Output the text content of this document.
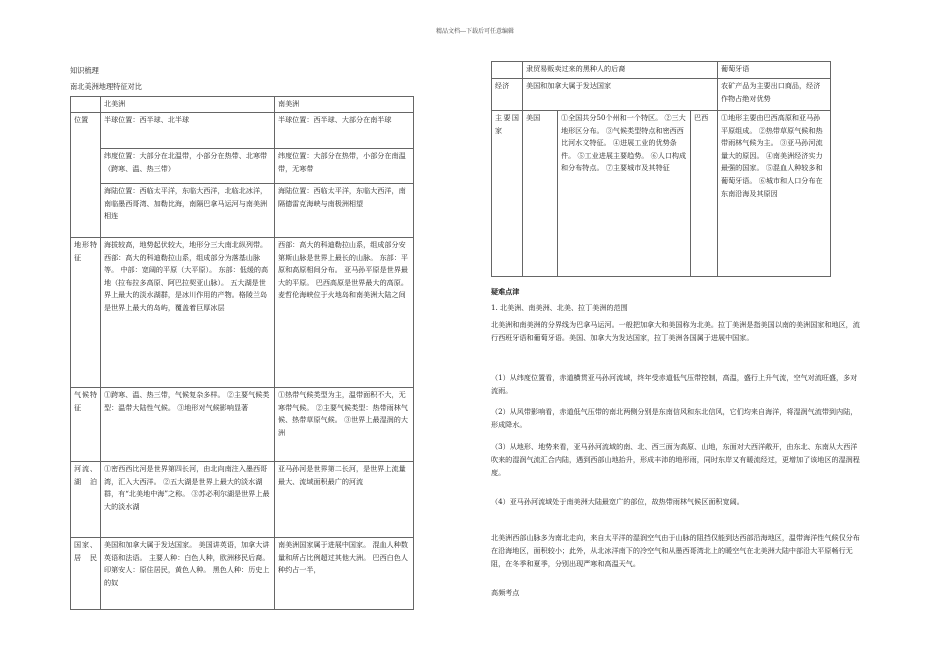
精品文档---下载后可任意编辑
知识梳理
南北美洲地理特征对比
	北美洲	南美洲
位置	半球位置：西半球、北半球	半球位置：西半球、大部分在南半球
	纬度位置：大部分在北温带，小部分在热带、北寒带（跨寒、温、热三带）	纬度位置：大部分在热带，小部分在南温带，无寒带
	海陆位置：西临太平洋，东临大西洋，北临北冰洋，南临墨西哥湾、加勒比海，南隔巴拿马运河与南美洲相连	海陆位置：西临太平洋，东临大西洋，南隔德雷克海峡与南极洲相望
地形特征	海拔较高，地势起伏较大，地形分三大南北纵列带。西部：高大的科迪勒拉山系，组成部分为落基山脉等。 中部：宽阔的平原（大平原）。 东部：低缓的高地（拉布拉多高原、阿巴拉契亚山脉）。 五大湖是世界上最大的淡水湖群，是冰川作用的产物。格陵兰岛是世界上最大的岛屿，覆盖着巨厚冰层	西部：高大的科迪勒拉山系，组成部分安第斯山脉是世界上最长的山脉。 东部：平原和高原相间分布。 亚马孙平原是世界最大的平原。 巴西高原是世界最大的高原。 麦哲伦海峡位于火地岛和南美洲大陆之间
气候特征	①跨寒、温、热三带，气候复杂多样。 ②主要气候类型：温带大陆性气候。 ③地形对气候影响显著	①热带气候类型为主，温带面积不大，无寒带气候。 ②主要气候类型：热带雨林气候、热带草原气候。 ③世界上最湿润的大洲
河流、湖泊	①密西西比河是世界第四长河，由北向南注入墨西哥湾，汇入大西洋。 ②五大湖是世界上最大的淡水湖群，有“北美地中海”之称。 ③苏必利尔湖是世界上最大的淡水湖	亚马孙河是世界第二长河，是世界上流量最大、流域面积最广的河流
国家、居民	美国和加拿大属于发达国家。 美国讲英语，加拿大讲英语和法语。 主要人种：白色人种，欧洲移民后裔。 印第安人：原住居民，黄色人种。 黑色人种：历史上的奴	南美洲国家属于进展中国家。 混血人种数量和所占比例超过其他大洲。 巴西白色人种约占一半，
	隶贸易贩卖过来的黑种人的后裔			葡萄牙语
经济	美国和加拿大属于发达国家			农矿产品为主要出口商品，经济作物占绝对优势
主要国家	美国	①全国共分50个州和一个特区。 ②三大地形区分布。 ③气候类型特点和密西西比河水文特征。 ④进展工业的优势条件。 ⑤工业进展主要趋势。 ⑥人口构成和分布特点。 ⑦主要城市及其特征	巴西	①地形主要由巴西高原和亚马孙平原组成。 ②热带草原气候和热带雨林气候为主。 ③亚马孙河流量大的原因。 ④南美洲经济实力最强的国家。 ⑤混血人种较多和葡萄牙语。 ⑥城市和人口分布在东南沿海及其原因
疑难点津
1. 北美洲、南美洲、北美、拉丁美洲的范围
北美洲和南美洲的分界线为巴拿马运河。一般把加拿大和美国称为北美。拉丁美洲是指美国以南的美洲国家和地区，流行西班牙语和葡萄牙语。美国、加拿大为发达国家，拉丁美洲各国属于进展中国家。
（1）从纬度位置看，赤道横贯亚马孙河流域，终年受赤道低气压带控制，高温，盛行上升气流，空气对流旺盛，多对流雨。
（2）从风带影响看，赤道低气压带的南北两侧分别是东南信风和东北信风，它们均来自海洋，将湿润气流带到内陆，形成降水。
（3）从地形、地势来看，亚马孙河流域的南、北、西三面为高原、山地，东面对大西洋敞开，由东北、东南从大西洋吹来的湿润气流汇合内陆，遇到西部山地抬升，形成丰沛的地形雨，同时东岸又有暖流经过，更增加了该地区的湿润程度。
（4）亚马孙河流域处于南美洲大陆最宽广的部位，故热带雨林气候区面积宽阔。
北美洲西部山脉多为南北走向，来自太平洋的湿润空气由于山脉的阻挡仅能到达西部沿海地区，温带海洋性气候仅分布在沿海地区，面积较小；此外，从北冰洋南下的冷空气和从墨西哥湾北上的暖空气在北美洲大陆中部沿大平原畅行无阻，在冬季和夏季，分别出现严寒和高温天气。
高频考点
